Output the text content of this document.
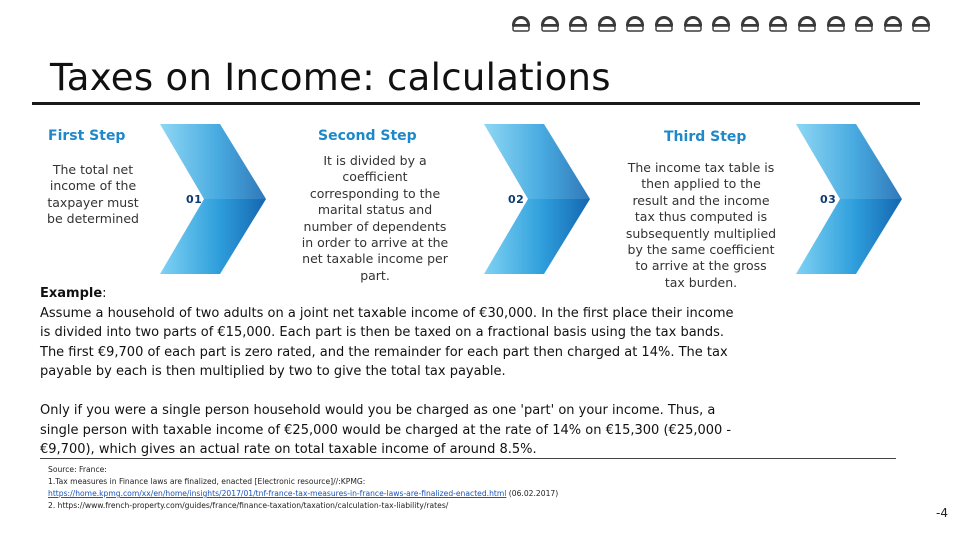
Taxes on Income: calculations
First Step
The total net
income of the
taxpayer must
be determined
01
Second Step
It is divided by a
coefficient
corresponding to the
marital status and
number of dependents
in order to arrive at the
net taxable income per
part.
02
Third Step
The income tax table is
then applied to the
result and the income
tax thus computed is
subsequently multiplied
by the same coefficient
to arrive at the gross
tax burden.
03
Example:
Assume a household of two adults on a joint net taxable income of €30,000. In the first place their income
is divided into two parts of €15,000. Each part is then be taxed on a fractional basis using the tax bands.
The first €9,700 of each part is zero rated, and the remainder for each part then charged at 14%. The tax
payable by each is then multiplied by two to give the total tax payable.
Only if you were a single person household would you be charged as one 'part' on your income. Thus, a
single person with taxable income of €25,000 would be charged at the rate of 14% on €15,300 (€25,000 -
€9,700), which gives an actual rate on total taxable income of around 8.5%.
Source: France:
1.Tax measures in Finance laws are finalized, enacted [Electronic resource]//:KPMG:
https://home.kpmg.com/xx/en/home/insights/2017/01/tnf-france-tax-measures-in-france-laws-are-finalized-enacted.html (06.02.2017)
2. https://www.french-property.com/guides/france/finance-taxation/taxation/calculation-tax-liability/rates/
-4
